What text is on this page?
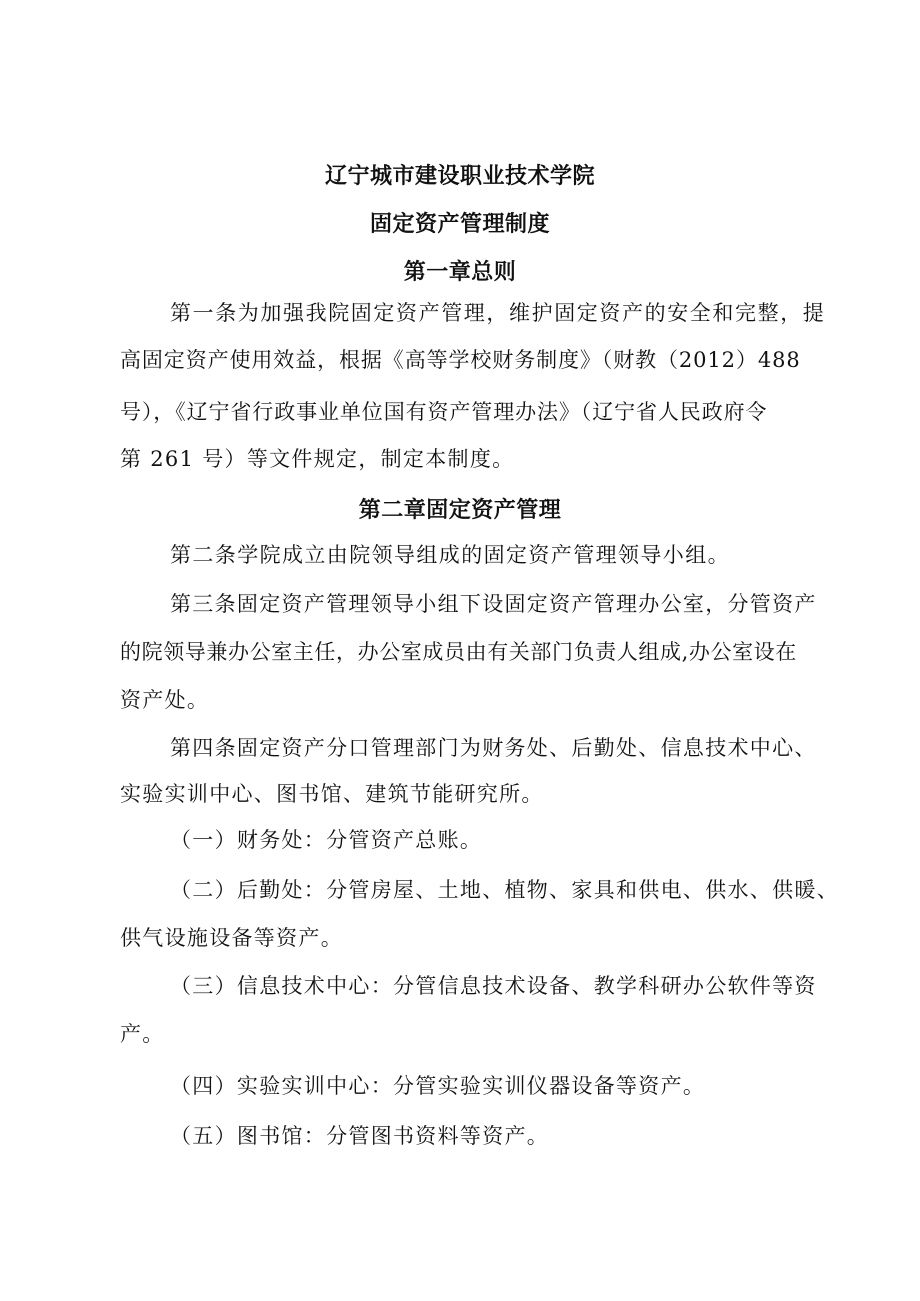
辽宁城市建设职业技术学院
固定资产管理制度
第一章总则
第一条为加强我院固定资产管理，维护固定资产的安全和完整，提
高固定资产使用效益，根据《高等学校财务制度》（财教（2012）488
号），《辽宁省行政事业单位国有资产管理办法》（辽宁省人民政府令
第 261 号）等文件规定，制定本制度。
第二章固定资产管理
第二条学院成立由院领导组成的固定资产管理领导小组。
第三条固定资产管理领导小组下设固定资产管理办公室，分管资产
的院领导兼办公室主任，办公室成员由有关部门负责人组成,办公室设在
资产处。
第四条固定资产分口管理部门为财务处、后勤处、信息技术中心、
实验实训中心、图书馆、建筑节能研究所。
（一）财务处：分管资产总账。
（二）后勤处：分管房屋、土地、植物、家具和供电、供水、供暖、
供气设施设备等资产。
（三）信息技术中心：分管信息技术设备、教学科研办公软件等资
产。
（四）实验实训中心：分管实验实训仪器设备等资产。
（五）图书馆：分管图书资料等资产。
